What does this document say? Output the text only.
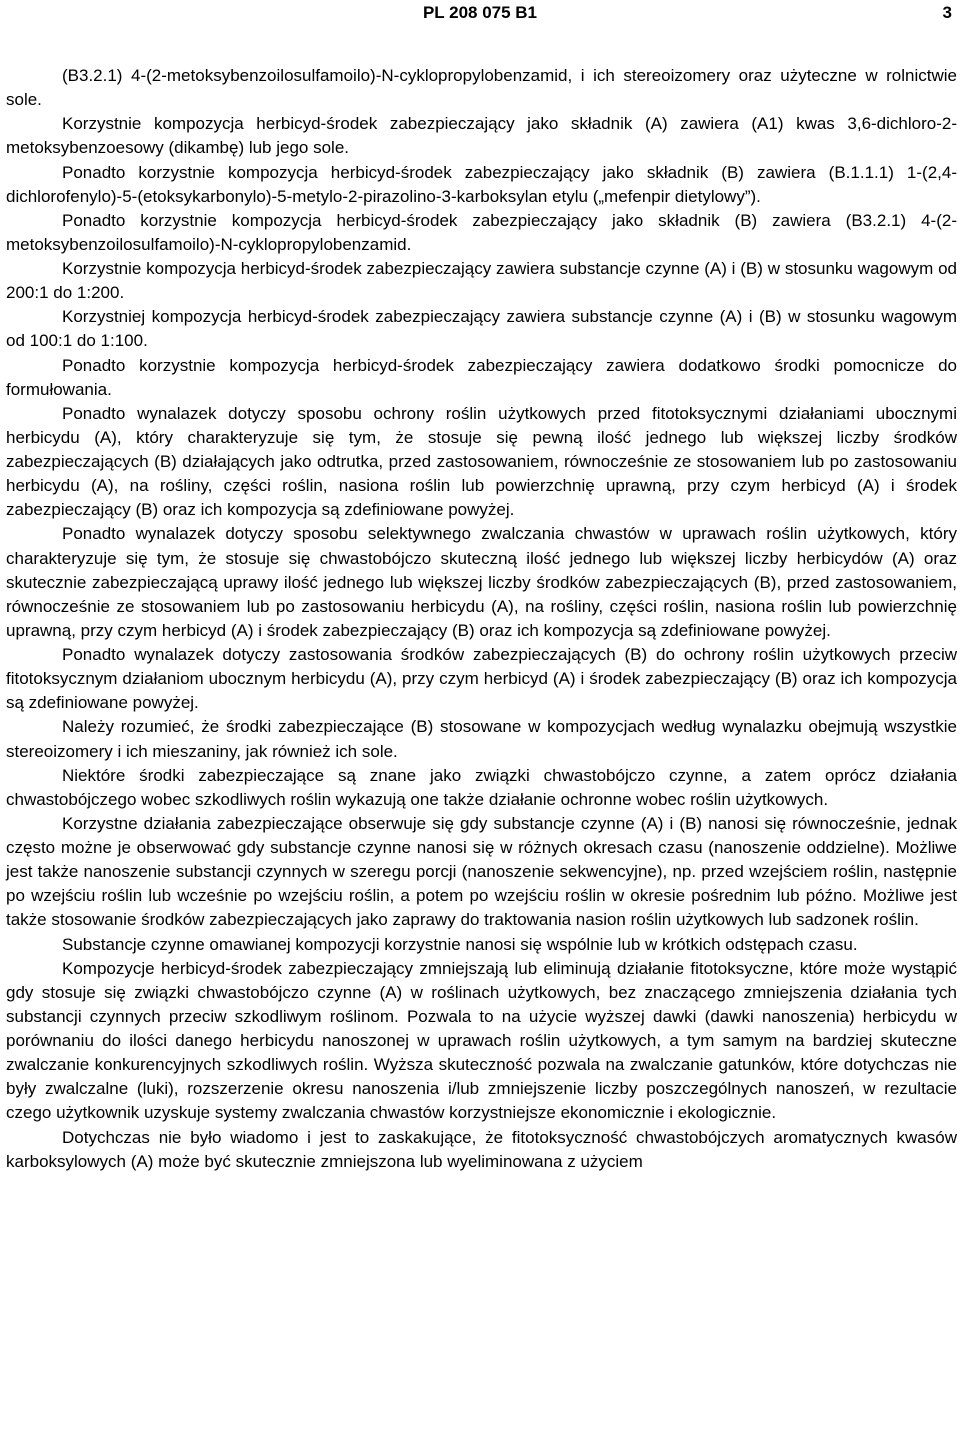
PL 208 075 B1	3

(B3.2.1) 4-(2-metoksybenzoilosulfamoilo)-N-cyklopropylobenzamid, i ich stereoizomery oraz użyteczne w rolnictwie sole.

Korzystnie kompozycja herbicyd-środek zabezpieczający jako składnik (A) zawiera (A1) kwas 3,6-dichloro-2-metoksybenzoesowy (dikambę) lub jego sole.

Ponadto korzystnie kompozycja herbicyd-środek zabezpieczający jako składnik (B) zawiera (B.1.1.1) 1-(2,4-dichlorofenylo)-5-(etoksykarbonylo)-5-metylo-2-pirazolino-3-karboksylan etylu („mefenpir dietylowy”).

Ponadto korzystnie kompozycja herbicyd-środek zabezpieczający jako składnik (B) zawiera (B3.2.1) 4-(2-metoksybenzoilosulfamoilo)-N-cyklopropylobenzamid.

Korzystnie kompozycja herbicyd-środek zabezpieczający zawiera substancje czynne (A) i (B) w stosunku wagowym od 200:1 do 1:200.

Korzystniej kompozycja herbicyd-środek zabezpieczający zawiera substancje czynne (A) i (B) w stosunku wagowym od 100:1 do 1:100.

Ponadto korzystnie kompozycja herbicyd-środek zabezpieczający zawiera dodatkowo środki pomocnicze do formułowania.

Ponadto wynalazek dotyczy sposobu ochrony roślin użytkowych przed fitotoksycznymi działaniami ubocznymi herbicydu (A), który charakteryzuje się tym, że stosuje się pewną ilość jednego lub większej liczby środków zabezpieczających (B) działających jako odtrutka, przed zastosowaniem, równocześnie ze stosowaniem lub po zastosowaniu herbicydu (A), na rośliny, części roślin, nasiona roślin lub powierzchnię uprawną, przy czym herbicyd (A) i środek zabezpieczający (B) oraz ich kompozycja są zdefiniowane powyżej.

Ponadto wynalazek dotyczy sposobu selektywnego zwalczania chwastów w uprawach roślin użytkowych, który charakteryzuje się tym, że stosuje się chwastobójczo skuteczną ilość jednego lub większej liczby herbicydów (A) oraz skutecznie zabezpieczającą uprawy ilość jednego lub większej liczby środków zabezpieczających (B), przed zastosowaniem, równocześnie ze stosowaniem lub po zastosowaniu herbicydu (A), na rośliny, części roślin, nasiona roślin lub powierzchnię uprawną, przy czym herbicyd (A) i środek zabezpieczający (B) oraz ich kompozycja są zdefiniowane powyżej.

Ponadto wynalazek dotyczy zastosowania środków zabezpieczających (B) do ochrony roślin użytkowych przeciw fitotoksycznym działaniom ubocznym herbicydu (A), przy czym herbicyd (A) i środek zabezpieczający (B) oraz ich kompozycja są zdefiniowane powyżej.

Należy rozumieć, że środki zabezpieczające (B) stosowane w kompozycjach według wynalazku obejmują wszystkie stereoizomery i ich mieszaniny, jak również ich sole.

Niektóre środki zabezpieczające są znane jako związki chwastobójczo czynne, a zatem oprócz działania chwastobójczego wobec szkodliwych roślin wykazują one także działanie ochronne wobec roślin użytkowych.

Korzystne działania zabezpieczające obserwuje się gdy substancje czynne (A) i (B) nanosi się równocześnie, jednak często możne je obserwować gdy substancje czynne nanosi się w różnych okresach czasu (nanoszenie oddzielne). Możliwe jest także nanoszenie substancji czynnych w szeregu porcji (nanoszenie sekwencyjne), np. przed wzejściem roślin, następnie po wzejściu roślin lub wcześnie po wzejściu roślin, a potem po wzejściu roślin w okresie pośrednim lub późno. Możliwe jest także stosowanie środków zabezpieczających jako zaprawy do traktowania nasion roślin użytkowych lub sadzonek roślin.

Substancje czynne omawianej kompozycji korzystnie nanosi się wspólnie lub w krótkich odstępach czasu.

Kompozycje herbicyd-środek zabezpieczający zmniejszają lub eliminują działanie fitotoksyczne, które może wystąpić gdy stosuje się związki chwastobójczo czynne (A) w roślinach użytkowych, bez znaczącego zmniejszenia działania tych substancji czynnych przeciw szkodliwym roślinom. Pozwala to na użycie wyższej dawki (dawki nanoszenia) herbicydu w porównaniu do ilości danego herbicydu nanoszonej w uprawach roślin użytkowych, a tym samym na bardziej skuteczne zwalczanie konkurencyjnych szkodliwych roślin. Wyższa skuteczność pozwala na zwalczanie gatunków, które dotychczas nie były zwalczalne (luki), rozszerzenie okresu nanoszenia i/lub zmniejszenie liczby poszczególnych nanoszeń, w rezultacie czego użytkownik uzyskuje systemy zwalczania chwastów korzystniejsze ekonomicznie i ekologicznie.

Dotychczas nie było wiadomo i jest to zaskakujące, że fitotoksyczność chwastobójczych aromatycznych kwasów karboksylowych (A) może być skutecznie zmniejszona lub wyeliminowana z użyciem
